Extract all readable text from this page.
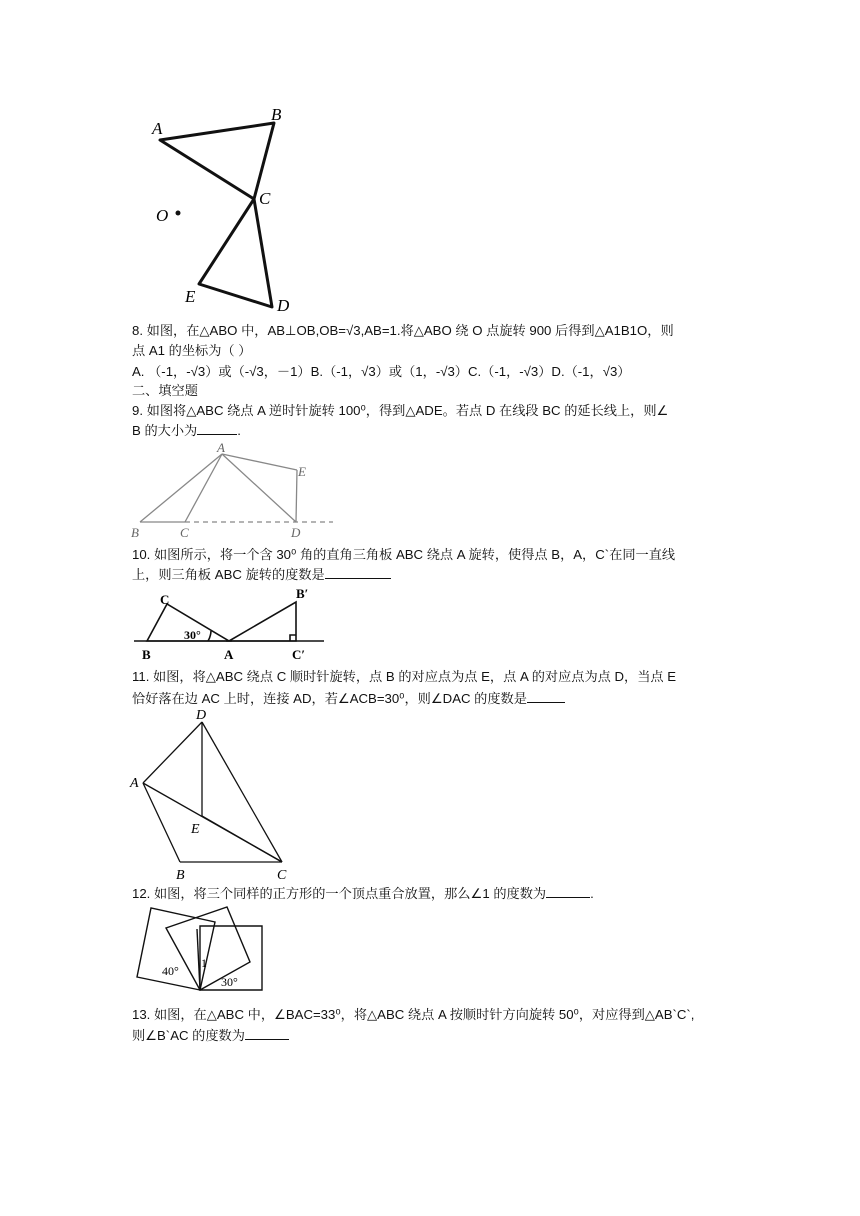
A
B
C
O
E	D
8. 如图，在△ABO 中，AB⊥OB,OB=√3,AB=1.将△ABO 绕 O 点旋转 900 后得到△A1B1O，则
点 A1 的坐标为（ ）
A. （-1，-√3）或（-√3，－1）B.（-1，√3）或（1，-√3）C.（-1，-√3）D.（-1，√3）
二、填空题
9. 如图将△ABC 绕点 A 逆时针旋转 100⁰，得到△ADE。若点 D 在线段 BC 的延长线上，则∠
B 的大小为	.
A
B	C	D
E
10. 如图所示，将一个含 30⁰ 角的直角三角板 ABC 绕点 A 旋转，使得点 B，A，C`在同一直线
上，则三角板 ABC 旋转的度数是
C
30°
B	A	C′
B′
11. 如图，将△ABC 绕点 C 顺时针旋转，点 B 的对应点为点 E，点 A 的对应点为点 D，当点 E
恰好落在边 AC 上时，连接 AD，若∠ACB=30⁰，则∠DAC 的度数是
D
A
E
B	C
12. 如图，将三个同样的正方形的一个顶点重合放置，那么∠1 的度数为	.
40°
1
30°
13. 如图，在△ABC 中，∠BAC=33⁰，将△ABC 绕点 A 按顺时针方向旋转 50⁰，对应得到△AB`C`,
则∠B`AC 的度数为
